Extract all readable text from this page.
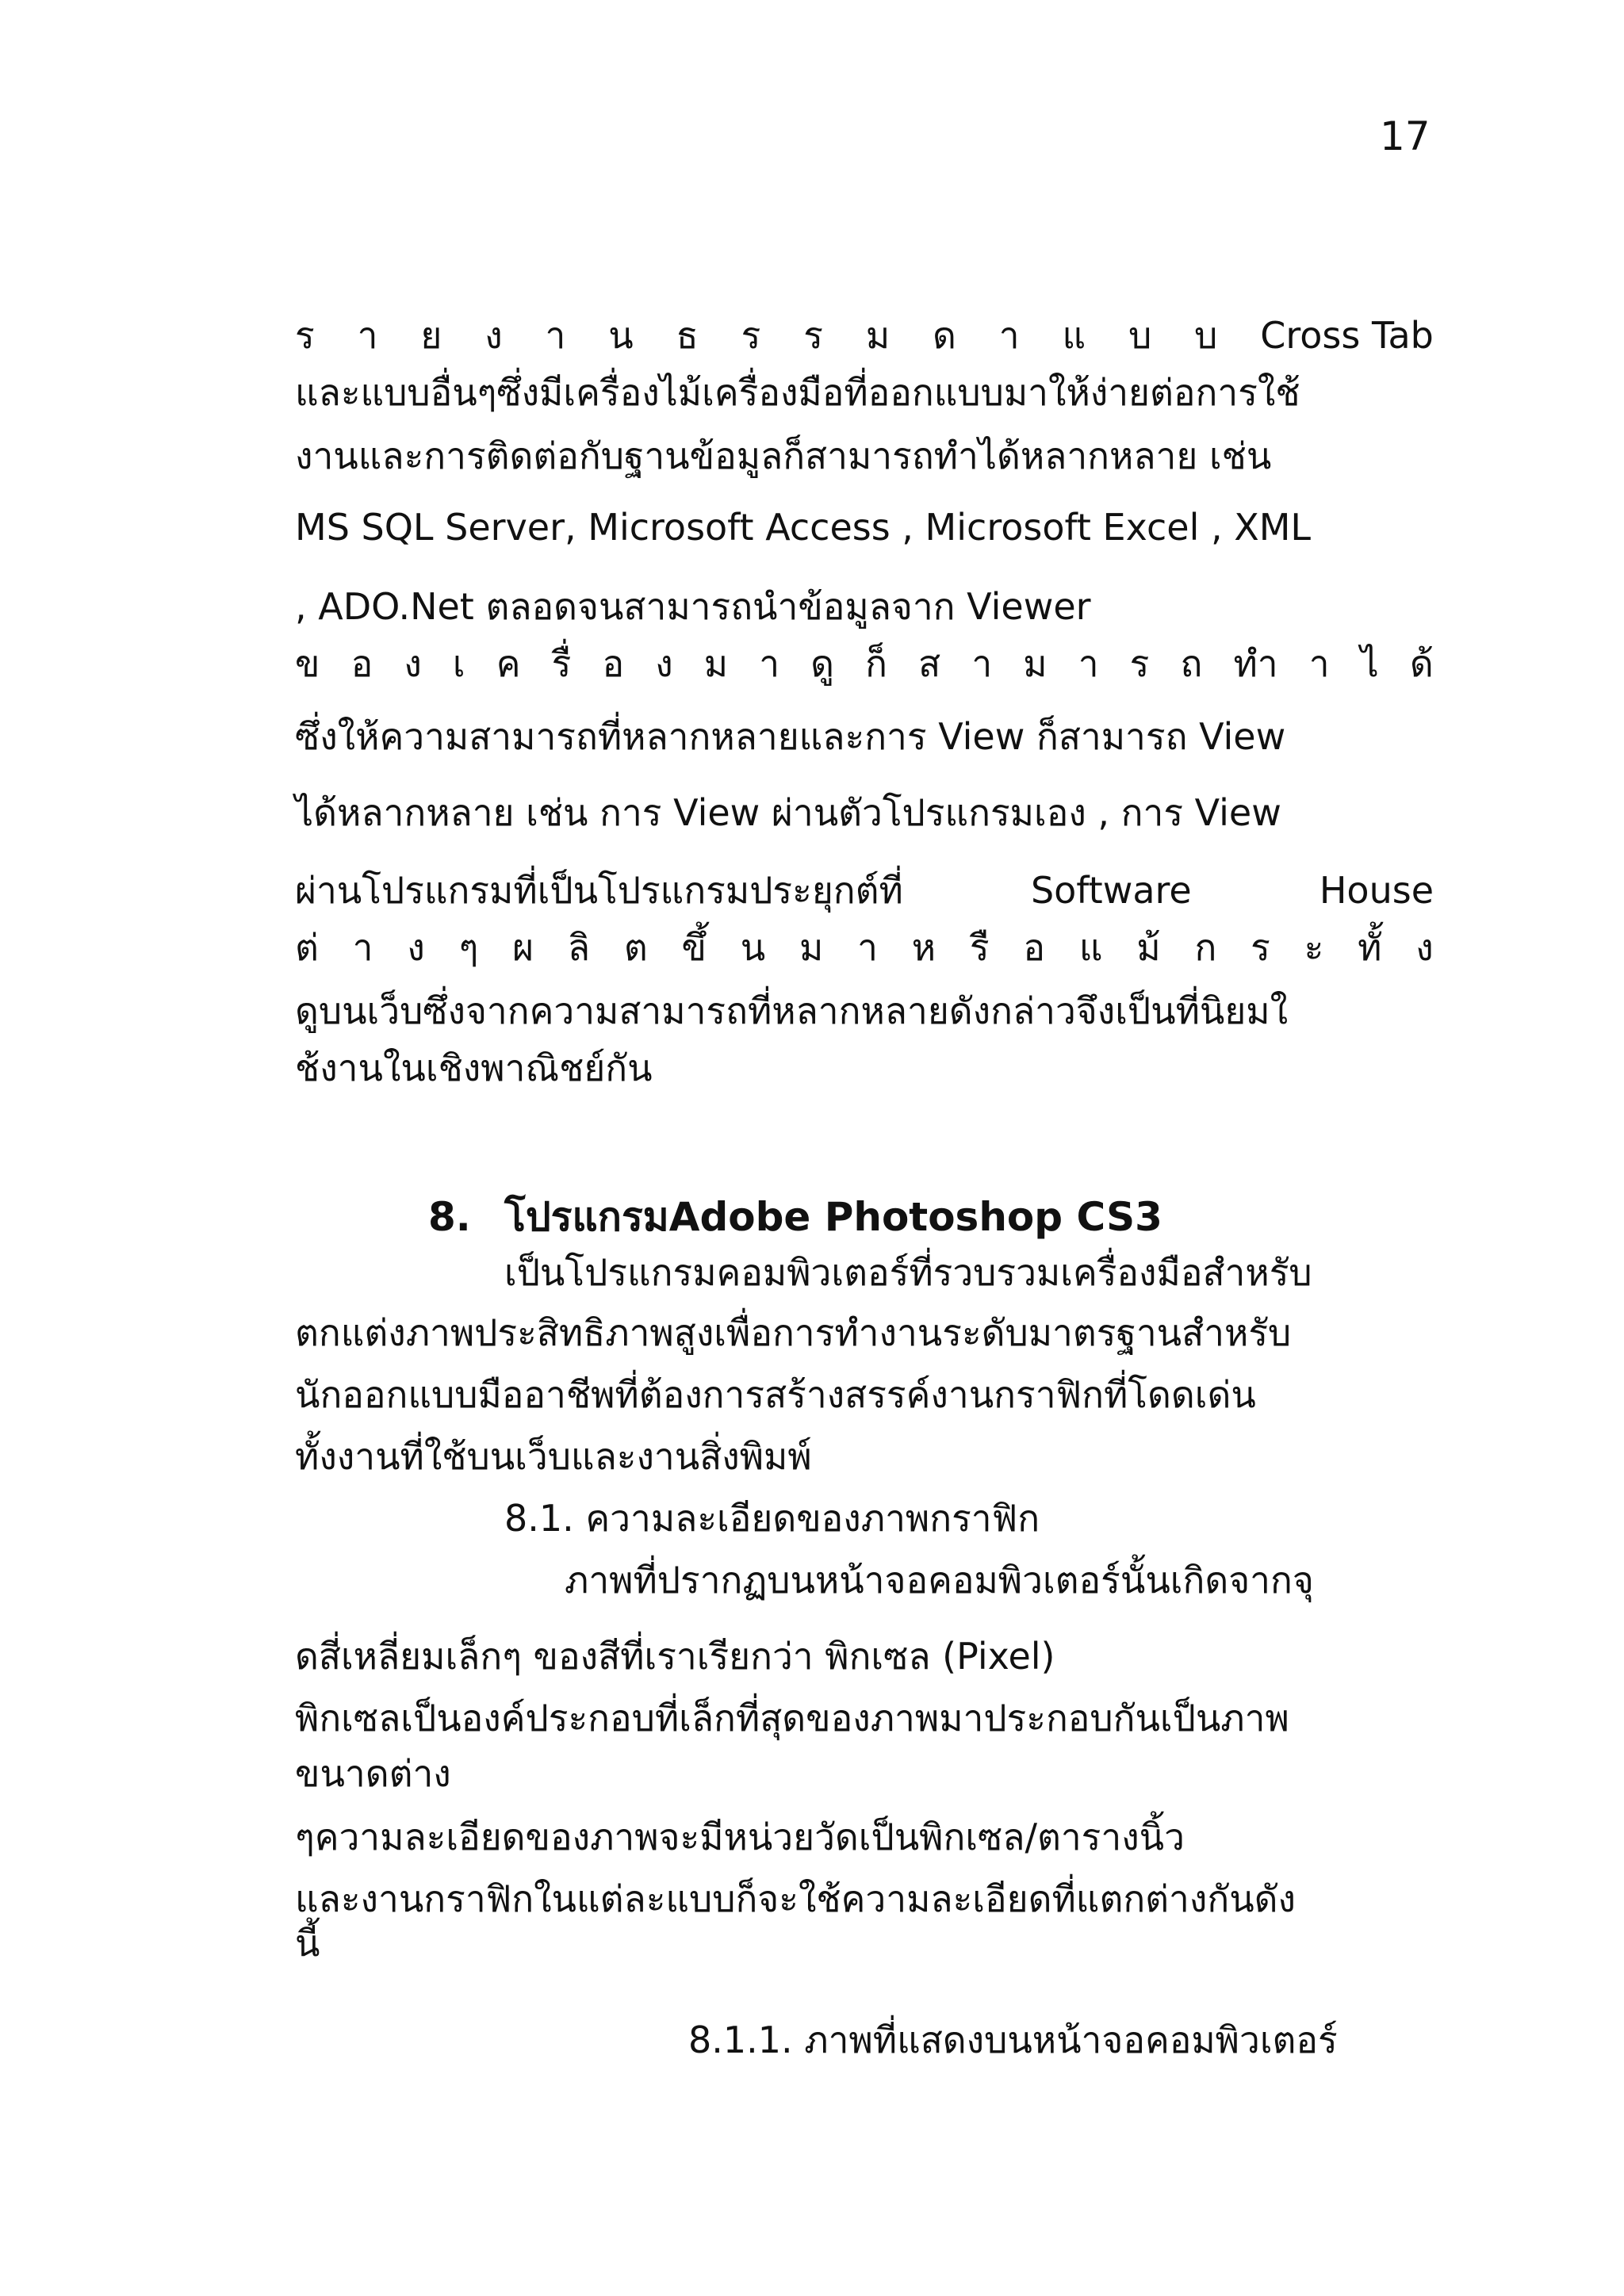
17
ร า ย ง า น ธ ร ร ม ด า แ บ บ Cross Tab
และแบบอื่นๆซึ่งมีเครื่องไม้เครื่องมือที่ออกแบบมาให้ง่ายต่อการใช้
งานและการติดต่อกับฐานข้อมูลก็สามารถทำได้หลากหลาย เช่น
MS SQL Server, Microsoft Access , Microsoft Excel , XML
, ADO.Net ตลอดจนสามารถนำข้อมูลจาก Viewer
ข อ ง เ ค รื่ อ ง ม า ดู ก็ ส า ม า ร ถ ทำ า ไ ด้
ซึ่งให้ความสามารถที่หลากหลายและการ View ก็สามารถ View
ได้หลากหลาย เช่น การ View ผ่านตัวโปรแกรมเอง , การ View
ผ่านโปรแกรมที่เป็นโปรแกรมประยุกต์ที่ Software House
ต่ า ง ๆ ผ ลิ ต ขึ้ น ม า ห รื อ แ ม้ ก ร ะ ทั้ ง
ดูบนเว็บซึ่งจากความสามารถที่หลากหลายดังกล่าวจึงเป็นที่นิยมใ
ช้งานในเชิงพาณิชย์กัน
8. โปรแกรมAdobe Photoshop CS3
เป็นโปรแกรมคอมพิวเตอร์ที่รวบรวมเครื่องมือสำหรับ
ตกแต่งภาพประสิทธิภาพสูงเพื่อการทำงานระดับมาตรฐานสำหรับ
นักออกแบบมืออาชีพที่ต้องการสร้างสรรค์งานกราฟิกที่โดดเด่น
ทั้งงานที่ใช้บนเว็บและงานสิ่งพิมพ์
8.1. ความละเอียดของภาพกราฟิก
ภาพที่ปรากฏบนหน้าจอคอมพิวเตอร์นั้นเกิดจากจุ
ดสี่เหลี่ยมเล็กๆ ของสีที่เราเรียกว่า พิกเซล (Pixel)
พิกเซลเป็นองค์ประกอบที่เล็กที่สุดของภาพมาประกอบกันเป็นภาพ
ขนาดต่าง
ๆความละเอียดของภาพจะมีหน่วยวัดเป็นพิกเซล/ตารางนิ้ว
และงานกราฟิกในแต่ละแบบก็จะใช้ความละเอียดที่แตกต่างกันดัง
นี้
8.1.1. ภาพที่แสดงบนหน้าจอคอมพิวเตอร์
